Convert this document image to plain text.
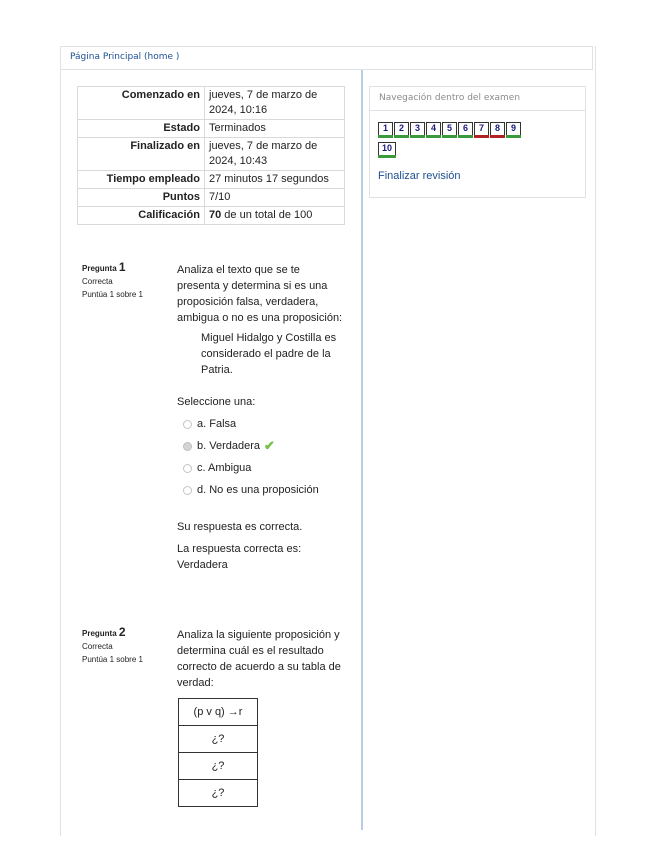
Página Principal (home )
Comenzado en	jueves, 7 de marzo de 2024, 10:16
Estado	Terminados
Finalizado en	jueves, 7 de marzo de 2024, 10:43
Tiempo empleado	27 minutos 17 segundos
Puntos	7/10
Calificación	70 de un total de 100
Pregunta 1
Correcta
Puntúa 1 sobre 1

Analiza el texto que se te presenta y determina si es una proposición falsa, verdadera, ambigua o no es una proposición:

Miguel Hidalgo y Costilla es considerado el padre de la Patria.

Seleccione una:

a. Falsa
b. Verdadera ✔
c. Ambigua
d. No es una proposición

Su respuesta es correcta.

La respuesta correcta es: Verdadera

Pregunta 2
Correcta
Puntúa 1 sobre 1

Analiza la siguiente proposición y determina cuál es el resultado correcto de acuerdo a su tabla de verdad:

(p v q) →r
¿?
¿?
¿?
Navegación dentro del examen
1 2 3 4 5 6 7 8 9
10
Finalizar revisión
